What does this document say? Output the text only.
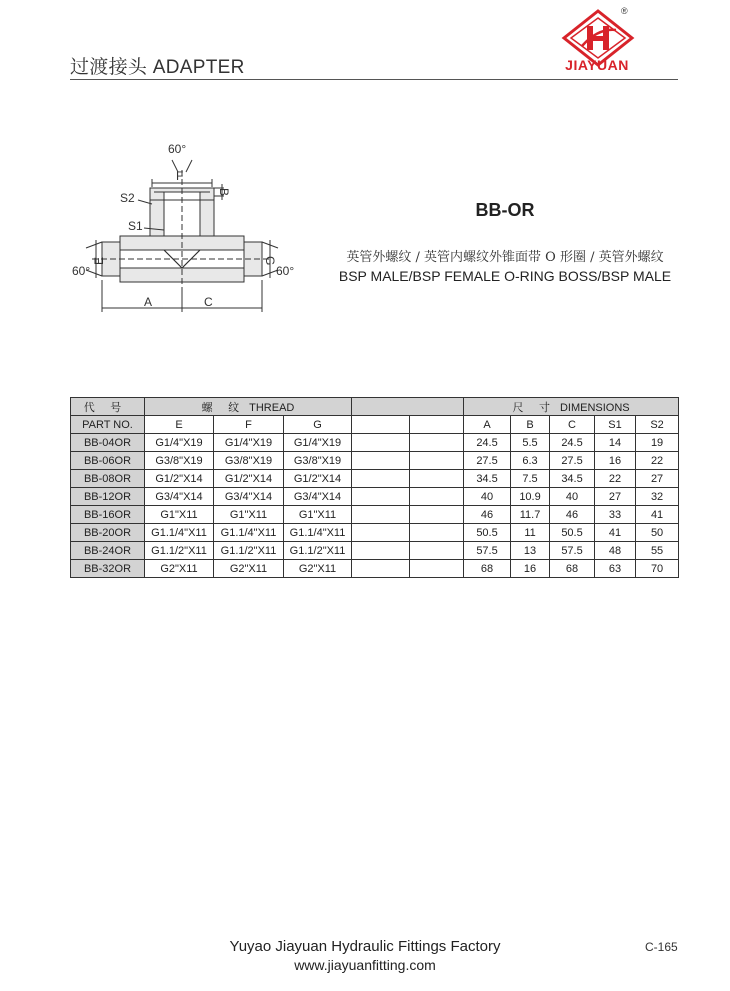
过渡接头 ADAPTER
®
JIAYUAN
60°
F
B
S2
S1
60°
E	G
60°
A	C
BB-OR
英管外螺纹 / 英管内螺纹外锥面带 O 形圈 / 英管外螺纹
BSP MALE/BSP FEMALE O-RING BOSS/BSP MALE
代 号	螺 纹 THREAD					尺 寸 DIMENSIONS				
PART NO.	E	F	G			A	B	C	S1	S2
BB-04OR	G1/4"X19	G1/4"X19	G1/4"X19			24.5	5.5	24.5	14	19
BB-06OR	G3/8"X19	G3/8"X19	G3/8"X19			27.5	6.3	27.5	16	22
BB-08OR	G1/2"X14	G1/2"X14	G1/2"X14			34.5	7.5	34.5	22	27
BB-12OR	G3/4"X14	G3/4"X14	G3/4"X14			40	10.9	40	27	32
BB-16OR	G1"X11	G1"X11	G1"X11			46	11.7	46	33	41
BB-20OR	G1.1/4"X11	G1.1/4"X11	G1.1/4"X11			50.5	11	50.5	41	50
BB-24OR	G1.1/2"X11	G1.1/2"X11	G1.1/2"X11			57.5	13	57.5	48	55
BB-32OR	G2"X11	G2"X11	G2"X11			68	16	68	63	70
Yuyao Jiayuan Hydraulic Fittings Factory
www.jiayuanfitting.com
C-165
